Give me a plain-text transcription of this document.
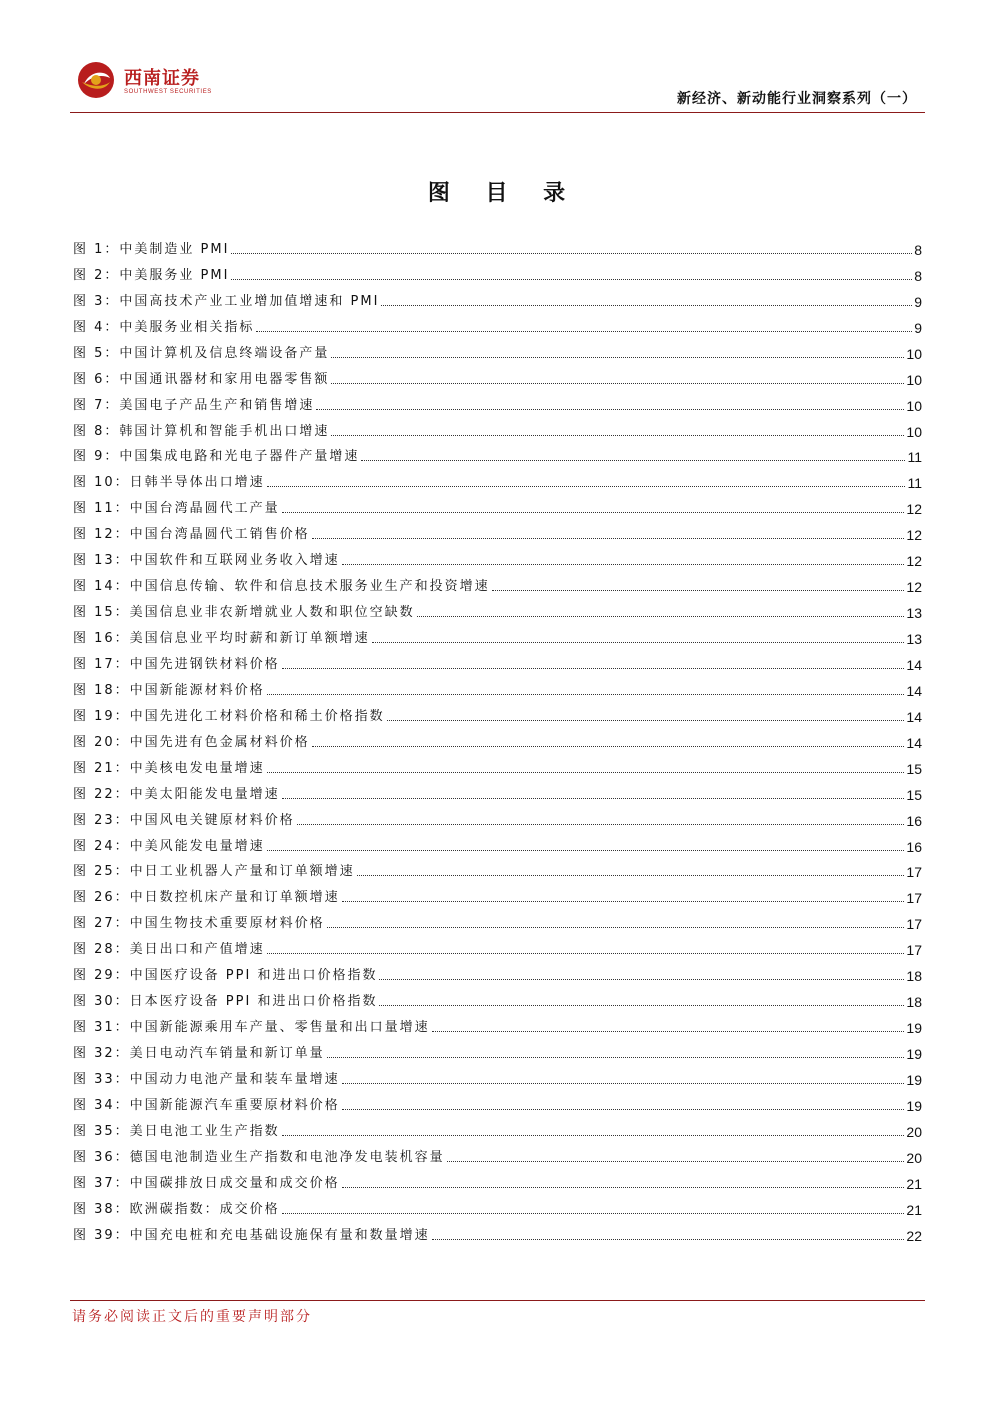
西南证券
SOUTHWEST SECURITIES	新经济、新动能行业洞察系列（一）
图 目 录
图 1：中美制造业 PMI	8
图 2：中美服务业 PMI	8
图 3：中国高技术产业工业增加值增速和 PMI	9
图 4：中美服务业相关指标	9
图 5：中国计算机及信息终端设备产量	10
图 6：中国通讯器材和家用电器零售额	10
图 7：美国电子产品生产和销售增速	10
图 8：韩国计算机和智能手机出口增速	10
图 9：中国集成电路和光电子器件产量增速	11
图 10：日韩半导体出口增速	11
图 11：中国台湾晶圆代工产量	12
图 12：中国台湾晶圆代工销售价格	12
图 13：中国软件和互联网业务收入增速	12
图 14：中国信息传输、软件和信息技术服务业生产和投资增速	12
图 15：美国信息业非农新增就业人数和职位空缺数	13
图 16：美国信息业平均时薪和新订单额增速	13
图 17：中国先进钢铁材料价格	14
图 18：中国新能源材料价格	14
图 19：中国先进化工材料价格和稀土价格指数	14
图 20：中国先进有色金属材料价格	14
图 21：中美核电发电量增速	15
图 22：中美太阳能发电量增速	15
图 23：中国风电关键原材料价格	16
图 24：中美风能发电量增速	16
图 25：中日工业机器人产量和订单额增速	17
图 26：中日数控机床产量和订单额增速	17
图 27：中国生物技术重要原材料价格	17
图 28：美日出口和产值增速	17
图 29：中国医疗设备 PPI 和进出口价格指数	18
图 30：日本医疗设备 PPI 和进出口价格指数	18
图 31：中国新能源乘用车产量、零售量和出口量增速	19
图 32：美日电动汽车销量和新订单量	19
图 33：中国动力电池产量和装车量增速	19
图 34：中国新能源汽车重要原材料价格	19
图 35：美日电池工业生产指数	20
图 36：德国电池制造业生产指数和电池净发电装机容量	20
图 37：中国碳排放日成交量和成交价格	21
图 38：欧洲碳指数：成交价格	21
图 39：中国充电桩和充电基础设施保有量和数量增速	22
请务必阅读正文后的重要声明部分
